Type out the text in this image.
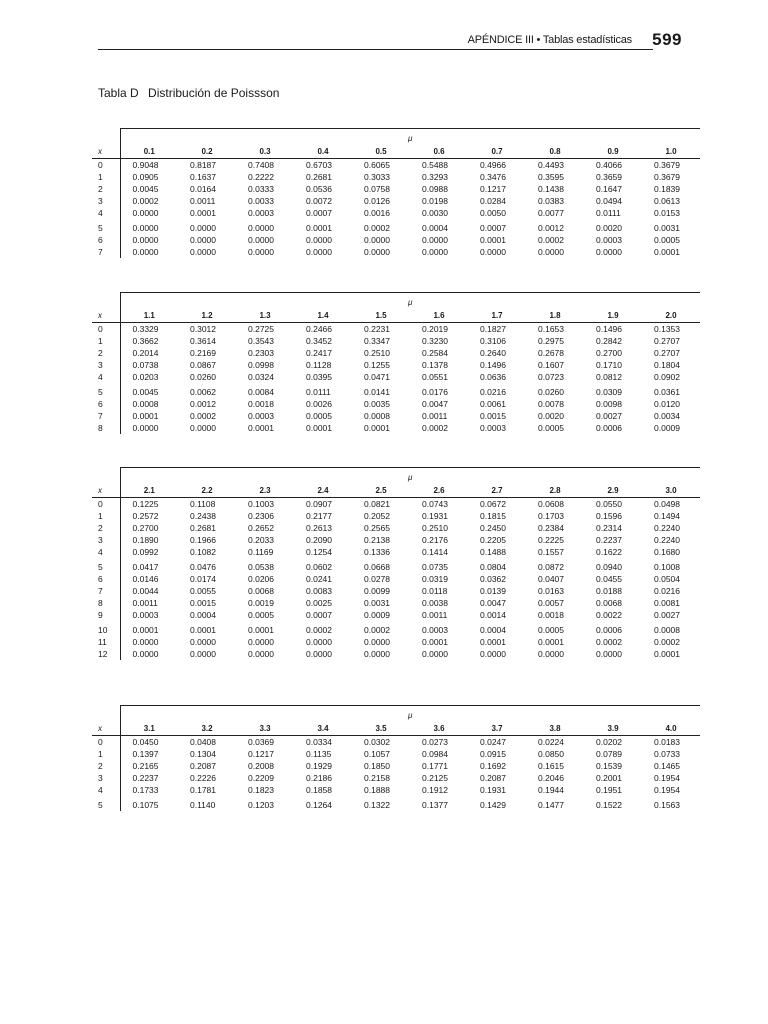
APÉNDICE III • Tablas estadísticas 599
Tabla D Distribución de Poissson

	μ									
x	0.1	0.2	0.3	0.4	0.5	0.6	0.7	0.8	0.9	1.0
0	0.9048	0.8187	0.7408	0.6703	0.6065	0.5488	0.4966	0.4493	0.4066	0.3679
1	0.0905	0.1637	0.2222	0.2681	0.3033	0.3293	0.3476	0.3595	0.3659	0.3679
2	0.0045	0.0164	0.0333	0.0536	0.0758	0.0988	0.1217	0.1438	0.1647	0.1839
3	0.0002	0.0011	0.0033	0.0072	0.0126	0.0198	0.0284	0.0383	0.0494	0.0613
4	0.0000	0.0001	0.0003	0.0007	0.0016	0.0030	0.0050	0.0077	0.0111	0.0153
5	0.0000	0.0000	0.0000	0.0001	0.0002	0.0004	0.0007	0.0012	0.0020	0.0031
6	0.0000	0.0000	0.0000	0.0000	0.0000	0.0000	0.0001	0.0002	0.0003	0.0005
7	0.0000	0.0000	0.0000	0.0000	0.0000	0.0000	0.0000	0.0000	0.0000	0.0001

	μ									
x	1.1	1.2	1.3	1.4	1.5	1.6	1.7	1.8	1.9	2.0
0	0.3329	0.3012	0.2725	0.2466	0.2231	0.2019	0.1827	0.1653	0.1496	0.1353
1	0.3662	0.3614	0.3543	0.3452	0.3347	0.3230	0.3106	0.2975	0.2842	0.2707
2	0.2014	0.2169	0.2303	0.2417	0.2510	0.2584	0.2640	0.2678	0.2700	0.2707
3	0.0738	0.0867	0.0998	0.1128	0.1255	0.1378	0.1496	0.1607	0.1710	0.1804
4	0.0203	0.0260	0.0324	0.0395	0.0471	0.0551	0.0636	0.0723	0.0812	0.0902
5	0.0045	0.0062	0.0084	0.0111	0.0141	0.0176	0.0216	0.0260	0.0309	0.0361
6	0.0008	0.0012	0.0018	0.0026	0.0035	0.0047	0.0061	0.0078	0.0098	0.0120
7	0.0001	0.0002	0.0003	0.0005	0.0008	0.0011	0.0015	0.0020	0.0027	0.0034
8	0.0000	0.0000	0.0001	0.0001	0.0001	0.0002	0.0003	0.0005	0.0006	0.0009

	μ									
x	2.1	2.2	2.3	2.4	2.5	2.6	2.7	2.8	2.9	3.0
0	0.1225	0.1108	0.1003	0.0907	0.0821	0.0743	0.0672	0.0608	0.0550	0.0498
1	0.2572	0.2438	0.2306	0.2177	0.2052	0.1931	0.1815	0.1703	0.1596	0.1494
2	0.2700	0.2681	0.2652	0.2613	0.2565	0.2510	0.2450	0.2384	0.2314	0.2240
3	0.1890	0.1966	0.2033	0.2090	0.2138	0.2176	0.2205	0.2225	0.2237	0.2240
4	0.0992	0.1082	0.1169	0.1254	0.1336	0.1414	0.1488	0.1557	0.1622	0.1680
5	0.0417	0.0476	0.0538	0.0602	0.0668	0.0735	0.0804	0.0872	0.0940	0.1008
6	0.0146	0.0174	0.0206	0.0241	0.0278	0.0319	0.0362	0.0407	0.0455	0.0504
7	0.0044	0.0055	0.0068	0.0083	0.0099	0.0118	0.0139	0.0163	0.0188	0.0216
8	0.0011	0.0015	0.0019	0.0025	0.0031	0.0038	0.0047	0.0057	0.0068	0.0081
9	0.0003	0.0004	0.0005	0.0007	0.0009	0.0011	0.0014	0.0018	0.0022	0.0027
10	0.0001	0.0001	0.0001	0.0002	0.0002	0.0003	0.0004	0.0005	0.0006	0.0008
11	0.0000	0.0000	0.0000	0.0000	0.0000	0.0001	0.0001	0.0001	0.0002	0.0002
12	0.0000	0.0000	0.0000	0.0000	0.0000	0.0000	0.0000	0.0000	0.0000	0.0001

	μ									
x	3.1	3.2	3.3	3.4	3.5	3.6	3.7	3.8	3.9	4.0
0	0.0450	0.0408	0.0369	0.0334	0.0302	0.0273	0.0247	0.0224	0.0202	0.0183
1	0.1397	0.1304	0.1217	0.1135	0.1057	0.0984	0.0915	0.0850	0.0789	0.0733
2	0.2165	0.2087	0.2008	0.1929	0.1850	0.1771	0.1692	0.1615	0.1539	0.1465
3	0.2237	0.2226	0.2209	0.2186	0.2158	0.2125	0.2087	0.2046	0.2001	0.1954
4	0.1733	0.1781	0.1823	0.1858	0.1888	0.1912	0.1931	0.1944	0.1951	0.1954
5	0.1075	0.1140	0.1203	0.1264	0.1322	0.1377	0.1429	0.1477	0.1522	0.1563
